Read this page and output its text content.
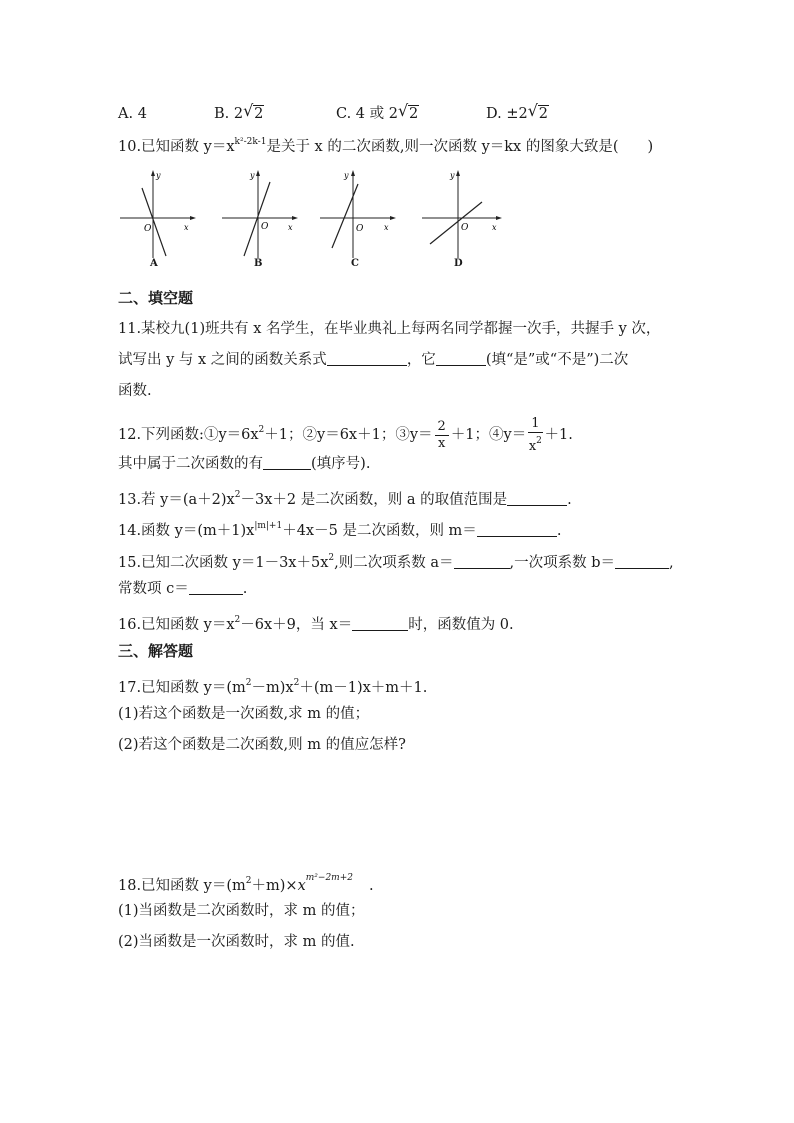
A. 4	B. 2 √ 2	C. 4 或 2 √ 2	D. ±2 √ 2
10.已知函数 $y=x^{k^2-2k-1}$是关于 x 的二次函数,则一次函数 y＝kx 的图象大致是(　　)
O	x
y
O x
y
O	x
y
O	x
y
A	B	C	D
二、填空题
11.某校九(1)班共有 x 名学生，在毕业典礼上每两名同学都握一次手，共握手 y 次，
试写出 y 与 x 之间的函数关系式	，它	(填“是”或“不是”)二次
函数.
12.下列函数$:①y=6x^2+1$；②y＝6x＋1；③y＝ $\frac{2}{x} +1$；④y＝ $\frac{1}{x^2} +1$.
其中属于二次函数的有	(填序号).
13.若 $y=(a+2)x^2-3x+2$ 是二次函数，则 a 的取值范围是	.
14.函数 $y=(m+1)x^{|m|+1}+4x-5$ 是二次函数，则 m＝	.
15.已知二次函数 $y=1-3x+5x^2$,则二次项系数 a＝	,一次项系数 b＝	,
常数项 c＝	.
16.已知函数 $y=x^2-6x+9$，当 x＝	时，函数值为 0.
三、解答题
17.已知函数 $y=(m^2-m)x^2+(m-1)x+m+1$.
(1)若这个函数是一次函数,求 m 的值；
(2)若这个函数是二次函数,则 m 的值应怎样?
18.已知函数 $y=(m^2+m)\times x^{m^2-2m+2}$ .
(1)当函数是二次函数时，求 m 的值；
(2)当函数是一次函数时，求 m 的值.
